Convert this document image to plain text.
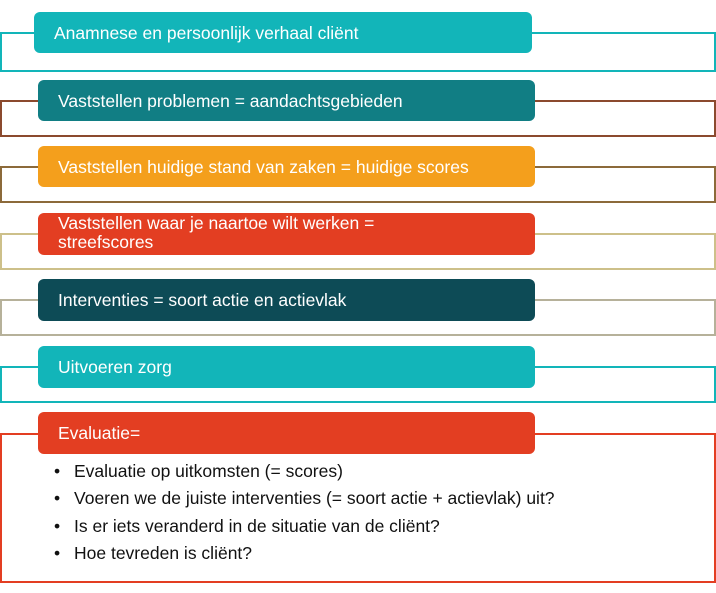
Anamnese en persoonlijk verhaal cliënt
Vaststellen problemen = aandachtsgebieden
Vaststellen huidige stand van zaken = huidige scores
Vaststellen waar je naartoe wilt werken =
streefscores
Interventies = soort actie en actievlak
Uitvoeren zorg
Evaluatie=
• Evaluatie op uitkomsten (= scores)
• Voeren we de juiste interventies (= soort actie + actievlak) uit?
• Is er iets veranderd in de situatie van de cliënt?
• Hoe tevreden is cliënt?
